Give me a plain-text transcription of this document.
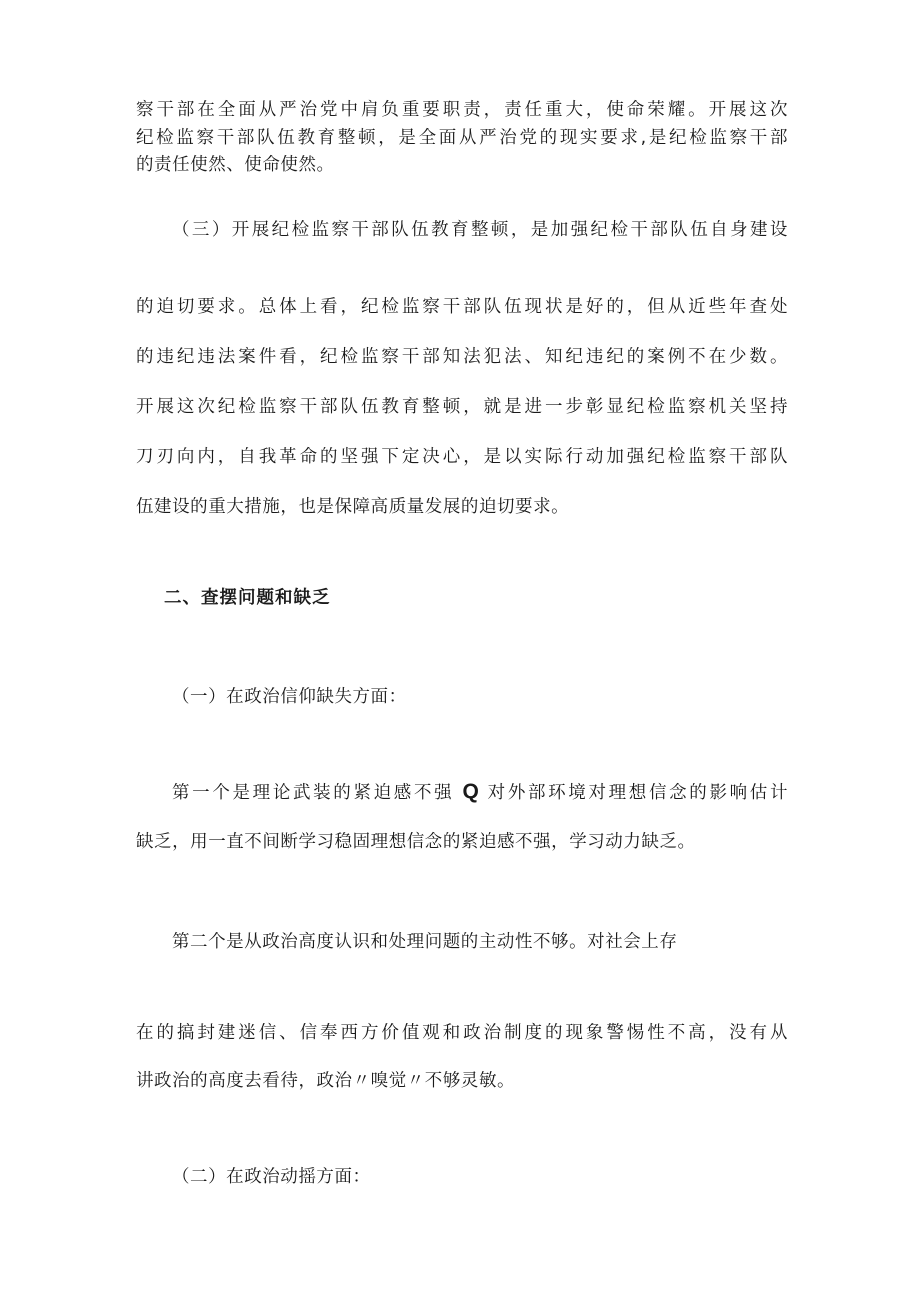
察干部在全面从严治党中肩负重要职责，责任重大，使命荣耀。开展这次
纪检监察干部队伍教育整顿，是全面从严治党的现实要求,是纪检监察干部
的责任使然、使命使然。
（三）开展纪检监察干部队伍教育整顿，是加强纪检干部队伍自身建设
的迫切要求。总体上看，纪检监察干部队伍现状是好的，但从近些年查处
的违纪违法案件看，纪检监察干部知法犯法、知纪违纪的案例不在少数。
开展这次纪检监察干部队伍教育整顿，就是进一步彰显纪检监察机关坚持
刀刃向内，自我革命的坚强下定决心，是以实际行动加强纪检监察干部队
伍建设的重大措施，也是保障高质量发展的迫切要求。
二、查摆问题和缺乏
（一）在政治信仰缺失方面：
第一个是理论武装的紧迫感不强 Q 对外部环境对理想信念的影响估计
缺乏，用一直不间断学习稳固理想信念的紧迫感不强，学习动力缺乏。
第二个是从政治高度认识和处理问题的主动性不够。对社会上存
在的搞封建迷信、信奉西方价值观和政治制度的现象警惕性不高，没有从
讲政治的高度去看待，政治〃嗅觉〃不够灵敏。
（二）在政治动摇方面：
